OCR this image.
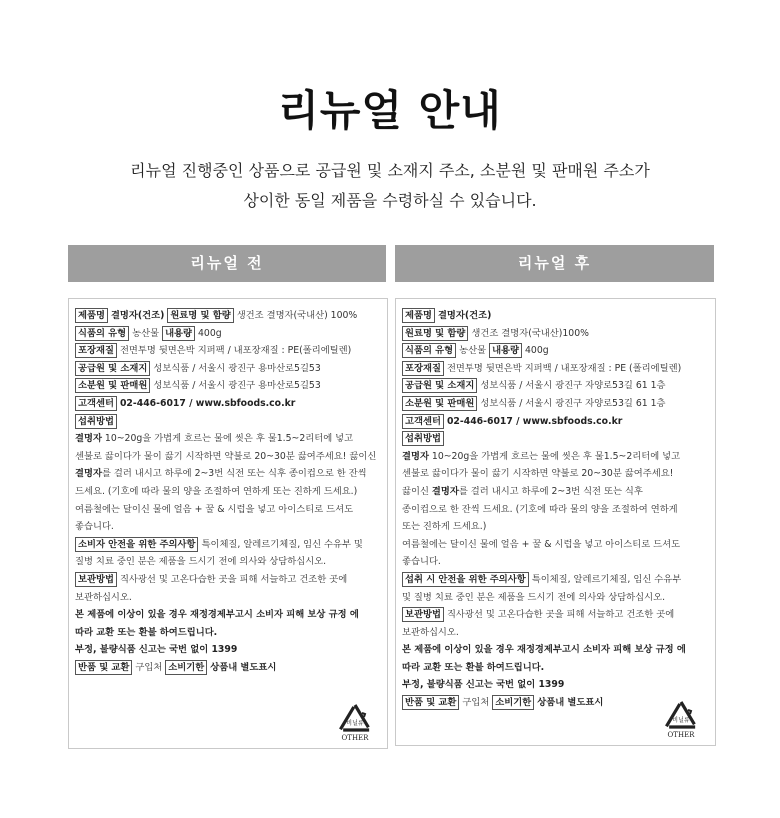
리뉴얼 안내
리뉴얼 진행중인 상품으로 공급원 및 소재지 주소, 소분원 및 판매원 주소가
상이한 동일 제품을 수령하실 수 있습니다.
리뉴얼 전	리뉴얼 후
제품명 결명자(건조) 원료명 및 함량 생건조 결명자(국내산) 100%
식품의 유형 농산물 내용량 400g
포장재질 전면투명 뒷면은박 지퍼팩 / 내포장재질 : PE(폴리에틸렌)
공급원 및 소재지 성보식품 / 서울시 광진구 용마산로5길53
소분원 및 판매원 성보식품 / 서울시 광진구 용마산로5길53
고객센터 02-446-6017 / www.sbfoods.co.kr
섭취방법
결명자 10~20g을 가볍게 흐르는 물에 씻은 후 물1.5~2리터에 넣고
센불로 끓이다가 물이 끓기 시작하면 약불로 20~30분 끓여주세요! 끓이신
결명자를 걸러 내시고 하루에 2~3번 식전 또는 식후 종이컵으로 한 잔씩
드세요. (기호에 따라 물의 양을 조절하여 연하게 또는 진하게 드세요.)
여름철에는 달이신 물에 얼음 + 꿀 & 시럽을 넣고 아이스티로 드셔도
좋습니다.
소비자 안전을 위한 주의사항 특이체질, 알레르기체질, 임신 수유부 및
질병 치료 중인 분은 제품을 드시기 전에 의사와 상담하십시오.
보관방법 직사광선 및 고온다습한 곳을 피해 서늘하고 건조한 곳에
보관하십시오.
본 제품에 이상이 있을 경우 재정경제부고시 소비자 피해 보상 규정 에
따라 교환 또는 환불 하여드립니다.
부정, 불량식품 신고는 국번 없이 1399
반품 및 교환 구입처 소비기한 상품내 별도표시
비닐류
OTHER
제품명 결명자(건조)
원료명 및 함량 생건조 결명자(국내산)100%
식품의 유형 농산물 내용량 400g
포장재질 전면투명 뒷면은박 지퍼백 / 내포장재질 : PE (폴리에틸렌)
공급원 및 소재지 성보식품 / 서울시 광진구 자양로53길 61 1층
소분원 및 판매원 성보식품 / 서울시 광진구 자양로53길 61 1층
고객센터 02-446-6017 / www.sbfoods.co.kr
섭취방법
결명자 10~20g을 가볍게 흐르는 물에 씻은 후 물1.5~2리터에 넣고
센불로 끓이다가 물이 끓기 시작하면 약불로 20~30분 끓여주세요!
끓이신 결명자를 걸러 내시고 하루에 2~3번 식전 또는 식후
종이컵으로 한 잔씩 드세요. (기호에 따라 물의 양을 조절하여 연하게
또는 진하게 드세요.)
여름철에는 달이신 물에 얼음 + 꿀 & 시럽을 넣고 아이스티로 드셔도
좋습니다.
섭취 시 안전을 위한 주의사항 특이체질, 알레르기체질, 임신 수유부
및 질병 치료 중인 분은 제품을 드시기 전에 의사와 상담하십시오.
보관방법 직사광선 및 고온다습한 곳을 피해 서늘하고 건조한 곳에
보관하십시오.
본 제품에 이상이 있을 경우 재정경제부고시 소비자 피해 보상 규정 에
따라 교환 또는 환불 하여드립니다.
부정, 불량식품 신고는 국번 없이 1399
반품 및 교환 구입처 소비기한 상품내 별도표시
비닐류
OTHER
